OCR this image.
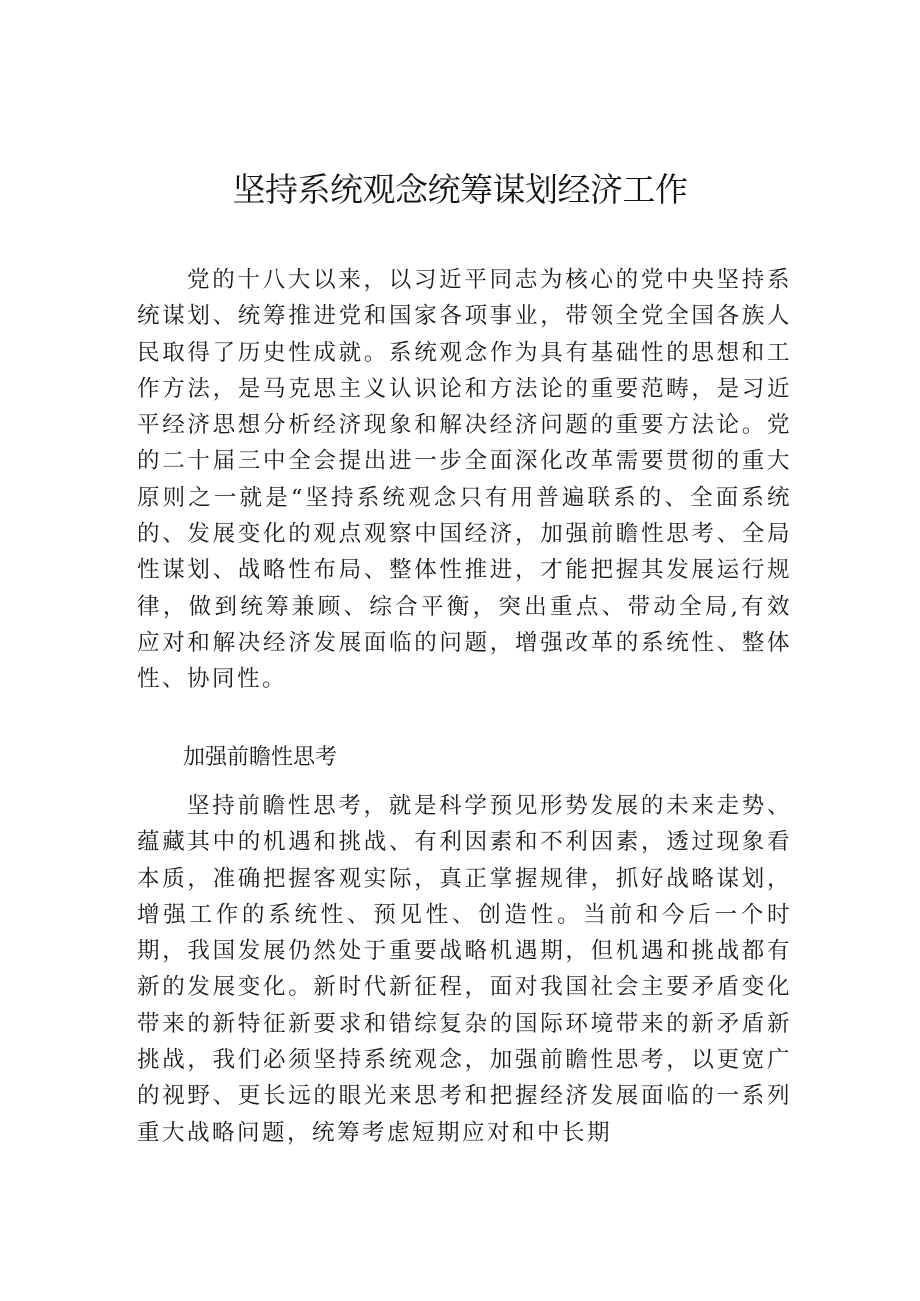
坚持系统观念统筹谋划经济工作

党的十八大以来，以习近平同志为核心的党中央坚持系统谋划、统筹推进党和国家各项事业，带领全党全国各族人民取得了历史性成就。系统观念作为具有基础性的思想和工作方法，是马克思主义认识论和方法论的重要范畴，是习近平经济思想分析经济现象和解决经济问题的重要方法论。党的二十届三中全会提出进一步全面深化改革需要贯彻的重大原则之一就是“坚持系统观念只有用普遍联系的、全面系统的、发展变化的观点观察中国经济，加强前瞻性思考、全局性谋划、战略性布局、整体性推进，才能把握其发展运行规律，做到统筹兼顾、综合平衡，突出重点、带动全局,有效应对和解决经济发展面临的问题，增强改革的系统性、整体性、协同性。

加强前瞻性思考

坚持前瞻性思考，就是科学预见形势发展的未来走势、蕴藏其中的机遇和挑战、有利因素和不利因素，透过现象看本质，准确把握客观实际，真正掌握规律，抓好战略谋划，增强工作的系统性、预见性、创造性。当前和今后一个时期，我国发展仍然处于重要战略机遇期，但机遇和挑战都有新的发展变化。新时代新征程，面对我国社会主要矛盾变化带来的新特征新要求和错综复杂的国际环境带来的新矛盾新挑战，我们必须坚持系统观念，加强前瞻性思考，以更宽广的视野、更长远的眼光来思考和把握经济发展面临的一系列重大战略问题，统筹考虑短期应对和中长期
